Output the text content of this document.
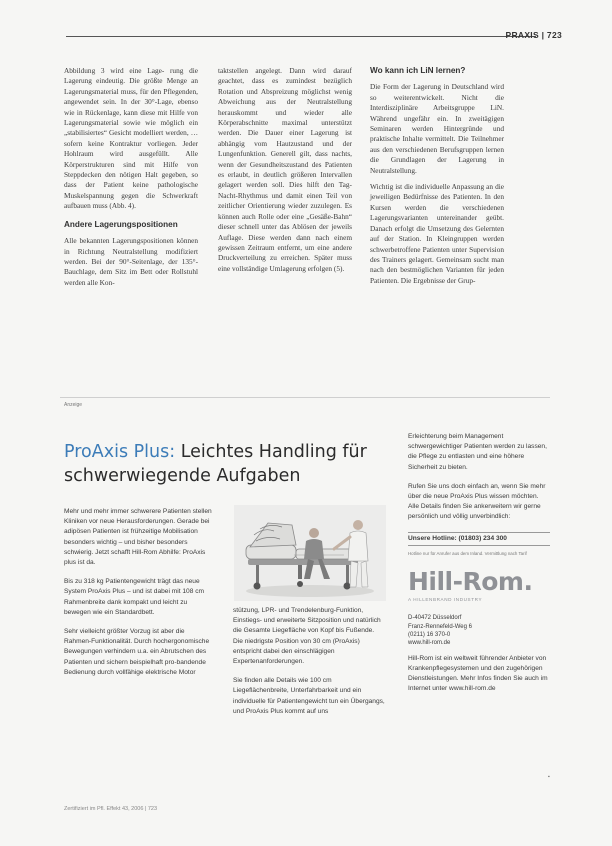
PRAXIS | 723

Abbildung 3 wird eine Lage- rung die Lagerung eindeutig. Die größte Menge an Lagerungsmaterial muss, für den Pflegenden, angewendet sein. In der 30°-Lage, ebenso wie in Rückenlage, kann diese mit Hilfe von Lagerungsmaterial sowie wie möglich ein „stabilisiertes“ Gesicht modelliert werden, … sofern keine Kontraktur vorliegen. Jeder Hohlraum wird ausgefüllt. Alle Körperstrukturen sind mit Hilfe von Steppdecken den nötigen Halt gegeben, so dass der Patient keine pathologische Muskelspannung gegen die Schwerkraft aufbauen muss (Abb. 4).

Andere Lagerungspositionen

Alle bekannten Lagerungspositionen können in Richtung Neutralstellung modifiziert werden. Bei der 90°-Seitenlage, der 135°-Bauchlage, dem Sitz im Bett oder Rollstuhl werden alle Kon-

taktstellen angelegt. Dann wird darauf geachtet, dass es zumindest bezüglich Rotation und Abspreizung möglichst wenig Abweichung aus der Neutralstellung herauskommt und wieder alle Körperabschnitte maximal unterstützt werden. Die Dauer einer Lagerung ist abhängig vom Hautzustand und der Lungenfunktion. Generell gilt, dass nachts, wenn der Gesundheitszustand des Patienten es erlaubt, in deutlich größeren Intervallen gelagert werden soll. Dies hilft den Tag-Nacht-Rhythmus und damit einen Teil von zeitlicher Orientierung wieder zuzulegen. Es können auch Rolle oder eine „Gesäße-Bahn“ dieser schnell unter das Ablösen der jeweils Auflage. Diese werden dann nach einem gewissen Zeitraum entfernt, um eine andere Druckverteilung zu erreichen. Später muss eine vollständige Umlagerung erfolgen (5).

Wo kann ich LiN lernen?

Die Form der Lagerung in Deutschland wird so weiterentwickelt. Nicht die Interdisziplinäre Arbeitsgruppe LiN. Während ungefähr ein. In zweitägigen Seminaren werden Hintergründe und praktische Inhalte vermittelt. Die Teilnehmer aus den verschiedenen Berufsgruppen lernen die Grundlagen der Lagerung in Neutralstellung.

Wichtig ist die individuelle Anpassung an die jeweiligen Bedürfnisse des Patienten. In den Kursen werden die verschiedenen Lagerungsvarianten untereinander geübt. Danach erfolgt die Umsetzung des Gelernten auf der Station. In Kleingruppen werden schwerbetroffene Patienten unter Supervision des Trainers gelagert. Gemeinsam sucht man nach den bestmöglichen Varianten für jeden Patienten. Die Ergebnisse der Grup-

Anzeige
ProAxis Plus: Leichtes Handling für schwerwiegende Aufgaben

Mehr und mehr immer schwerere Patienten stellen Kliniken vor neue Herausforderungen. Gerade bei adipösen Patienten ist frühzeitige Mobilisation besonders wichtig – und bisher besonders schwierig. Jetzt schafft Hill-Rom Abhilfe: ProAxis plus ist da.

Bis zu 318 kg Patientengewicht trägt das neue System ProAxis Plus – und ist dabei mit 108 cm Rahmenbreite dank kompakt und leicht zu bewegen wie ein Standardbett.

Sehr vielleicht größter Vorzug ist aber die Rahmen-Funktionalität. Durch hochergonomische Bewegungen verhindern u.a. ein Abrutschen des Patienten und sichern beispielhaft pro-bandende Bedienung durch vollfähige elektrische Motor

stützung, LPR- und Trendelenburg-Funktion, Einstiegs- und erweiterte Sitzposition und natürlich die Gesamte Liegefläche von Kopf bis Fußende. Die niedrigste Position von 30 cm (ProAxis) entspricht dabei den einschlägigen Expertenanforderungen.

Sie finden alle Details wie 100 cm Liegeflächenbreite, Unterfahrbarkeit und ein individuelle für Patientengewicht tun ein Übergangs, und ProAxis Plus kommt auf uns

Erleichterung beim Management schwergewichtiger Patienten werden zu lassen, die Pflege zu entlasten und eine höhere Sicherheit zu bieten.

Rufen Sie uns doch einfach an, wenn Sie mehr über die neue ProAxis Plus wissen möchten. Alle Details finden Sie ankerweitern wir gerne persönlich und völlig unverbindlich:

Unsere Hotline: (01803) 234 300
Hotline nur für Anrufer aus dem Inland. Vermittlung nach Tarif
Hill-Rom.
A HILLENBRAND INDUSTRY
D-40472 Düsseldorf
Franz-Rennefeld-Weg 6
(0211) 16 370-0
www.hill-rom.de

Hill-Rom ist ein weltweit führender Anbieter von Krankenpflegesystemen und den zugehörigen Dienstleistungen. Mehr Infos finden Sie auch im Internet unter www.hill-rom.de

▪
Zertifiziert im Pfl. Effekt 43, 2006 | 723
